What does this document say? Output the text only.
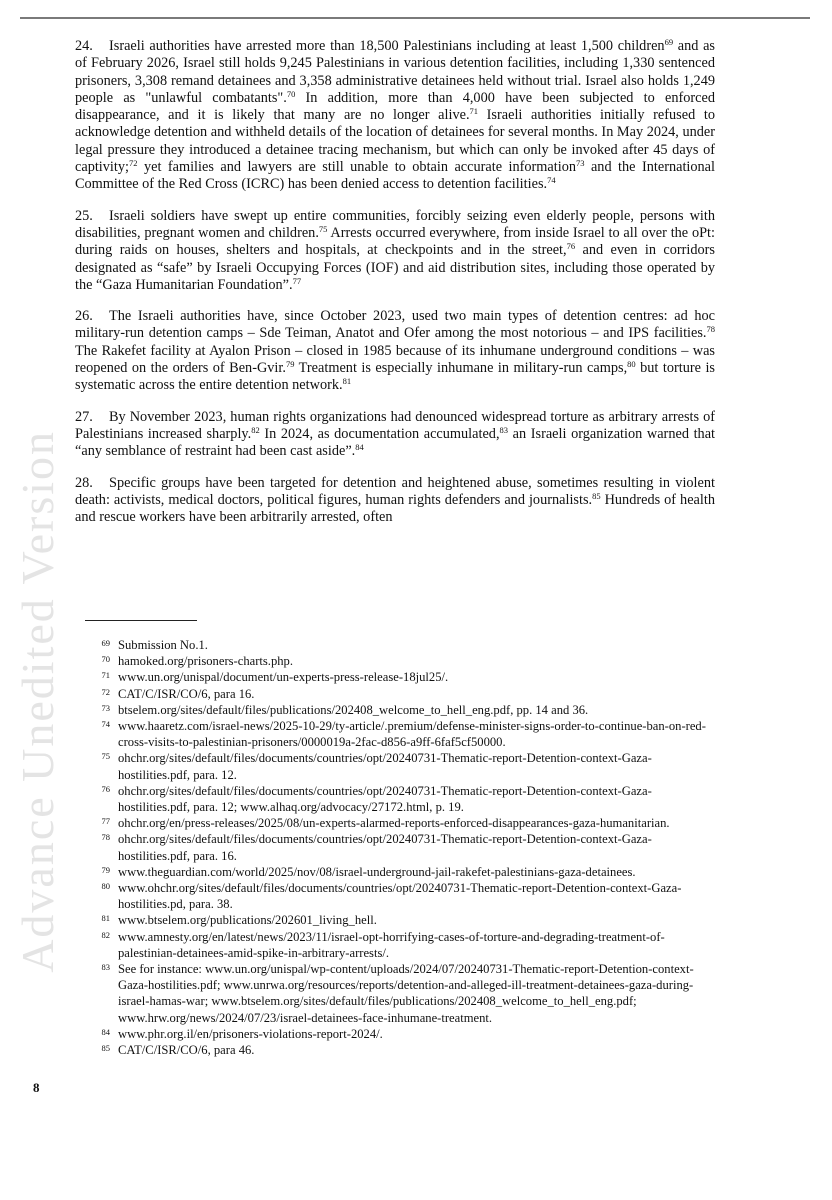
Advance Unedited Version

24. Israeli authorities have arrested more than 18,500 Palestinians including at least 1,500 children$^{69}$ and as of February 2026, Israel still holds 9,245 Palestinians in various detention facilities, including 1,330 sentenced prisoners, 3,308 remand detainees and 3,358 administrative detainees held without trial. Israel also holds 1,249 people as "unlawful combatants".$^{70}$ In addition, more than 4,000 have been subjected to enforced disappearance, and it is likely that many are no longer alive.$^{71}$ Israeli authorities initially refused to acknowledge detention and withheld details of the location of detainees for several months. In May 2024, under legal pressure they introduced a detainee tracing mechanism, but which can only be invoked after 45 days of captivity;$^{72}$ yet families and lawyers are still unable to obtain accurate information$^{73}$ and the International Committee of the Red Cross (ICRC) has been denied access to detention facilities.$^{74}$

25. Israeli soldiers have swept up entire communities, forcibly seizing even elderly people, persons with disabilities, pregnant women and children.$^{75}$ Arrests occurred everywhere, from inside Israel to all over the oPt: during raids on houses, shelters and hospitals, at checkpoints and in the street,$^{76}$ and even in corridors designated as “safe” by Israeli Occupying Forces (IOF) and aid distribution sites, including those operated by the “Gaza Humanitarian Foundation”.$^{77}$

26. The Israeli authorities have, since October 2023, used two main types of detention centres: ad hoc military-run detention camps – Sde Teiman, Anatot and Ofer among the most notorious – and IPS facilities.$^{78}$ The Rakefet facility at Ayalon Prison – closed in 1985 because of its inhumane underground conditions – was reopened on the orders of Ben-Gvir.$^{79}$ Treatment is especially inhumane in military-run camps,$^{80}$ but torture is systematic across the entire detention network.$^{81}$

27. By November 2023, human rights organizations had denounced widespread torture as arbitrary arrests of Palestinians increased sharply.$^{82}$ In 2024, as documentation accumulated,$^{83}$ an Israeli organization warned that “any semblance of restraint had been cast aside”.$^{84}$

28. Specific groups have been targeted for detention and heightened abuse, sometimes resulting in violent death: activists, medical doctors, political figures, human rights defenders and journalists.$^{85}$ Hundreds of health and rescue workers have been arbitrarily arrested, often

69 Submission No.1.
70 hamoked.org/prisoners-charts.php.
71 www.un.org/unispal/document/un-experts-press-release-18jul25/.
72 CAT/C/ISR/CO/6, para 16.
73 btselem.org/sites/default/files/publications/202408_welcome_to_hell_eng.pdf, pp. 14 and 36.
74 www.haaretz.com/israel-news/2025-10-29/ty-article/.premium/defense-minister-signs-order-to-continue-ban-on-red-cross-visits-to-palestinian-prisoners/0000019a-2fac-d856-a9ff-6faf5cf50000.
75 ohchr.org/sites/default/files/documents/countries/opt/20240731-Thematic-report-Detention-context-Gaza-hostilities.pdf, para. 12.
76 ohchr.org/sites/default/files/documents/countries/opt/20240731-Thematic-report-Detention-context-Gaza-hostilities.pdf, para. 12; www.alhaq.org/advocacy/27172.html, p. 19.
77 ohchr.org/en/press-releases/2025/08/un-experts-alarmed-reports-enforced-disappearances-gaza-humanitarian.
78 ohchr.org/sites/default/files/documents/countries/opt/20240731-Thematic-report-Detention-context-Gaza-hostilities.pdf, para. 16.
79 www.theguardian.com/world/2025/nov/08/israel-underground-jail-rakefet-palestinians-gaza-detainees.
80 www.ohchr.org/sites/default/files/documents/countries/opt/20240731-Thematic-report-Detention-context-Gaza-hostilities.pd, para. 38.
81 www.btselem.org/publications/202601_living_hell.
82 www.amnesty.org/en/latest/news/2023/11/israel-opt-horrifying-cases-of-torture-and-degrading-treatment-of-palestinian-detainees-amid-spike-in-arbitrary-arrests/.
83 See for instance: www.un.org/unispal/wp-content/uploads/2024/07/20240731-Thematic-report-Detention-context-Gaza-hostilities.pdf; www.unrwa.org/resources/reports/detention-and-alleged-ill-treatment-detainees-gaza-during-israel-hamas-war; www.btselem.org/sites/default/files/publications/202408_welcome_to_hell_eng.pdf; www.hrw.org/news/2024/07/23/israel-detainees-face-inhumane-treatment.
84 www.phr.org.il/en/prisoners-violations-report-2024/.
85 CAT/C/ISR/CO/6, para 46.
8
